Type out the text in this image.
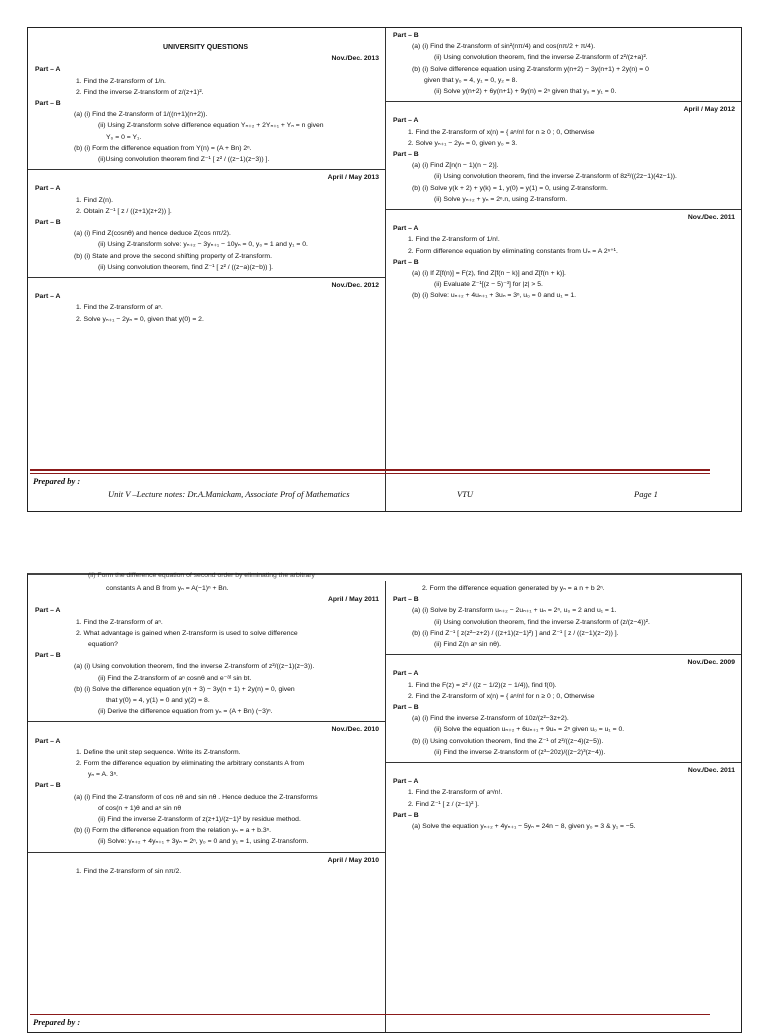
UNIVERSITY QUESTIONS
Nov./Dec. 2013
Part – A
1. Find the Z-transform of 1/n.
2. Find the inverse Z-transform of z/(z+1)².
Part – B
(a) (i) Find the Z-transform of 1/((n+1)(n+2)).
(ii) Using Z-transform solve difference equation Yₙ₊₂ + 2Yₙ₊₁ + Yₙ = n given
Y₀ = 0 = Y₁.
(b) (i) Form the difference equation from Y(n) = (A + Bn) 2ⁿ.
(ii)Using convolution theorem find Z⁻¹ [ z² / ((z−1)(z−3)) ].
April / May 2013
Part – A
1. Find Z(n).
2. Obtain Z⁻¹ [ z / ((z+1)(z+2)) ].
Part – B
(a) (i) Find Z(cosnθ) and hence deduce Z(cos nπ/2).
(ii) Using Z-transform solve: yₙ₊₂ − 3yₙ₊₁ − 10yₙ = 0, y₀ = 1 and y₁ = 0.
(b) (i) State and prove the second shifting property of Z-transform.
(ii) Using convolution theorem, find Z⁻¹ [ z² / ((z−a)(z−b)) ].
Nov./Dec. 2012
Part – A
1. Find the Z-transform of aⁿ.
2. Solve yₙ₊₁ − 2yₙ = 0, given that y(0) = 2.
Part – B
(a) (i) Find the Z-transform of sin²(nπ/4) and cos(nπ/2 + π/4).
(ii) Using convolution theorem, find the inverse Z-transform of z²/(z+a)².
(b) (i) Solve difference equation using Z-transform y(n+2) − 3y(n+1) + 2y(n) = 0
given that y₀ = 4, y₁ = 0, y₂ = 8.
(ii) Solve y(n+2) + 6y(n+1) + 9y(n) = 2ⁿ given that y₀ = y₁ = 0.
April / May 2012
Part – A
1. Find the Z-transform of x(n) = { aⁿ/n! for n ≥ 0 ; 0, Otherwise
2. Solve yₙ₊₁ − 2yₙ = 0, given y₀ = 3.
Part – B
(a) (i) Find Z[n(n − 1)(n − 2)].
(ii) Using convolution theorem, find the inverse Z-transform of 8z²/((2z−1)(4z−1)).
(b) (i) Solve y(k + 2) + y(k) = 1, y(0) = y(1) = 0, using Z-transform.
(ii) Solve yₙ₊₂ + yₙ = 2ⁿ.n, using Z-transform.
Nov./Dec. 2011
Part – A
1. Find the Z-transform of 1/n!.
2. Form difference equation by eliminating constants from Uₙ = A 2ⁿ⁺¹.
Part – B
(a) (i) If Z[f(n)] = F(z), find Z[f(n − k)] and Z[f(n + k)].
(ii) Evaluate Z⁻¹[(z − 5)⁻³] for |z| > 5.
(b) (i) Solve: uₙ₊₂ + 4uₙ₊₁ + 3uₙ = 3ⁿ, u₀ = 0 and u₁ = 1.
Prepared by :
Unit V –Lecture notes: Dr.A.Manickam, Associate Prof of Mathematics	VTU	Page 1
(ii) Form the difference equation of second order by eliminating the arbitrary
constants A and B from yₙ = A(−1)ⁿ + Bn.
April / May 2011
Part – A
1. Find the Z-transform of aⁿ.
2. What advantage is gained when Z-transform is used to solve difference
equation?
Part – B
(a) (i) Using convolution theorem, find the inverse Z-transform of z²/((z−1)(z−3)).
(ii) Find the Z-transform of aⁿ cosnθ and e⁻ᵃᵗ sin bt.
(b) (i) Solve the difference equation y(n + 3) − 3y(n + 1) + 2y(n) = 0, given
that y(0) = 4, y(1) = 0 and y(2) = 8.
(ii) Derive the difference equation from yₙ = (A + Bn) (−3)ⁿ.
Nov./Dec. 2010
Part – A
1. Define the unit step sequence. Write its Z-transform.
2. Form the difference equation by eliminating the arbitrary constants A from
yₙ = A. 3ⁿ.
Part – B
(a) (i) Find the Z-transform of cos nθ and sin nθ . Hence deduce the Z-transforms
of cos(n + 1)θ and aⁿ sin nθ
(ii) Find the inverse Z-transform of z(z+1)/(z−1)³ by residue method.
(b) (i) Form the difference equation from the relation yₙ = a + b.3ⁿ.
(ii) Solve: yₙ₊₂ + 4yₙ₊₁ + 3yₙ = 2ⁿ, y₀ = 0 and y₁ = 1, using Z-transform.
April / May 2010
1. Find the Z-transform of sin nπ/2.
2. Form the difference equation generated by yₙ = a n + b 2ⁿ.
Part – B
(a) (i) Solve by Z-transform uₙ₊₂ − 2uₙ₊₁ + uₙ = 2ⁿ, u₀ = 2 and u₁ = 1.
(ii) Using convolution theorem, find the inverse Z-transform of (z/(z−4))².
(b) (i) Find Z⁻¹ [ z(z²−z+2) / ((z+1)(z−1)²) ] and Z⁻¹ [ z / ((z−1)(z−2)) ].
(ii) Find Z(n aⁿ sin nθ).
Nov./Dec. 2009
Part – A
1. Find the F(z) = z² / ((z − 1/2)(z − 1/4)), find f(0).
2. Find the Z-transform of x(n) = { aⁿ/n! for n ≥ 0 ; 0, Otherwise
Part – B
(a) (i) Find the inverse Z-transform of 10z/(z²−3z+2).
(ii) Solve the equation uₙ₊₂ + 6uₙ₊₁ + 9uₙ = 2ⁿ given u₀ = u₁ = 0.
(b) (i) Using convolution theorem, find the Z⁻¹ of z²/((z−4)(z−5)).
(ii) Find the inverse Z-transform of (z³−20z)/((z−2)³(z−4)).
Nov./Dec. 2011
Part – A
1. Find the Z-transform of aⁿ/n!.
2. Find Z⁻¹ [ z / (z−1)² ].
Part – B
(a) Solve the equation yₙ₊₂ + 4yₙ₊₁ − 5yₙ = 24n − 8, given y₀ = 3 & y₁ = −5.
Prepared by :
